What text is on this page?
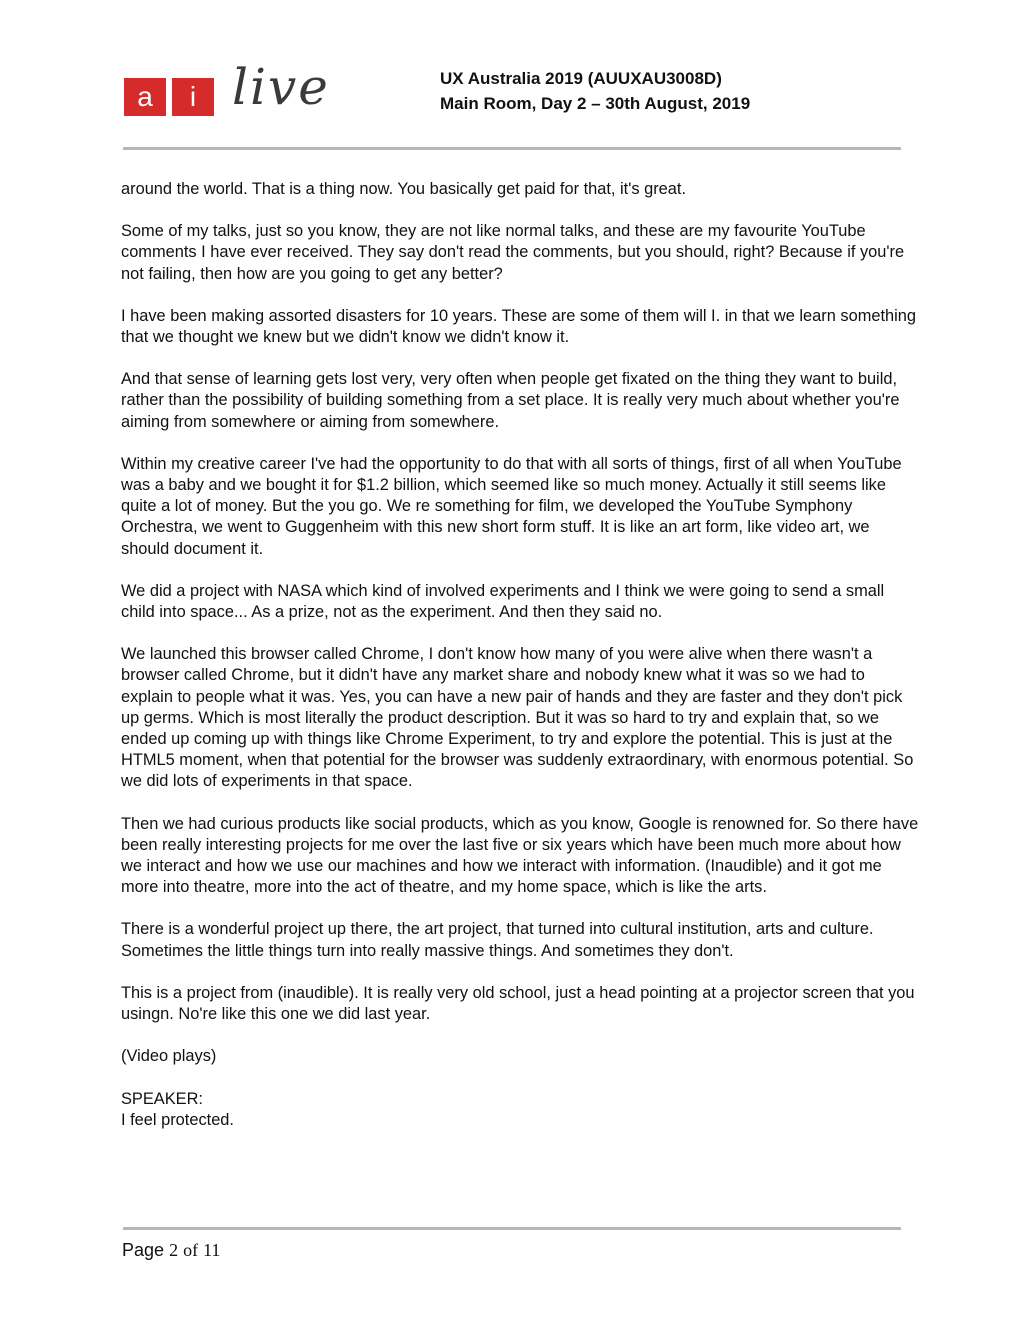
a	i live	UX Australia 2019 (AUUXAU3008D)
Main Room, Day 2 – 30th August, 2019

around the world. That is a thing now. You basically get paid for that, it's great.

Some of my talks, just so you know, they are not like normal talks, and these are my favourite YouTube comments I have ever received. They say don't read the comments, but you should, right? Because if you're not failing, then how are you going to get any better?

I have been making assorted disasters for 10 years. These are some of them will I. in that we learn something that we thought we knew but we didn't know we didn't know it.

And that sense of learning gets lost very, very often when people get fixated on the thing they want to build, rather than the possibility of building something from a set place. It is really very much about whether you're aiming from somewhere or aiming from somewhere.

Within my creative career I've had the opportunity to do that with all sorts of things, first of all when YouTube was a baby and we bought it for $1.2 billion, which seemed like so much money. Actually it still seems like quite a lot of money. But the you go. We re something for film, we developed the YouTube Symphony Orchestra, we went to Guggenheim with this new short form stuff. It is like an art form, like video art, we should document it.

We did a project with NASA which kind of involved experiments and I think we were going to send a small child into space... As a prize, not as the experiment. And then they said no.

We launched this browser called Chrome, I don't know how many of you were alive when there wasn't a browser called Chrome, but it didn't have any market share and nobody knew what it was so we had to explain to people what it was. Yes, you can have a new pair of hands and they are faster and they don't pick up germs. Which is most literally the product description. But it was so hard to try and explain that, so we ended up coming up with things like Chrome Experiment, to try and explore the potential. This is just at the HTML5 moment, when that potential for the browser was suddenly extraordinary, with enormous potential. So we did lots of experiments in that space.

Then we had curious products like social products, which as you know, Google is renowned for. So there have been really interesting projects for me over the last five or six years which have been much more about how we interact and how we use our machines and how we interact with information. (Inaudible) and it got me more into theatre, more into the act of theatre, and my home space, which is like the arts.

There is a wonderful project up there, the art project, that turned into cultural institution, arts and culture. Sometimes the little things turn into really massive things. And sometimes they don't.

This is a project from (inaudible). It is really very old school, just a head pointing at a projector screen that you usingn. No're like this one we did last year.

(Video plays)

SPEAKER:

I feel protected.

Page 2 of 11
